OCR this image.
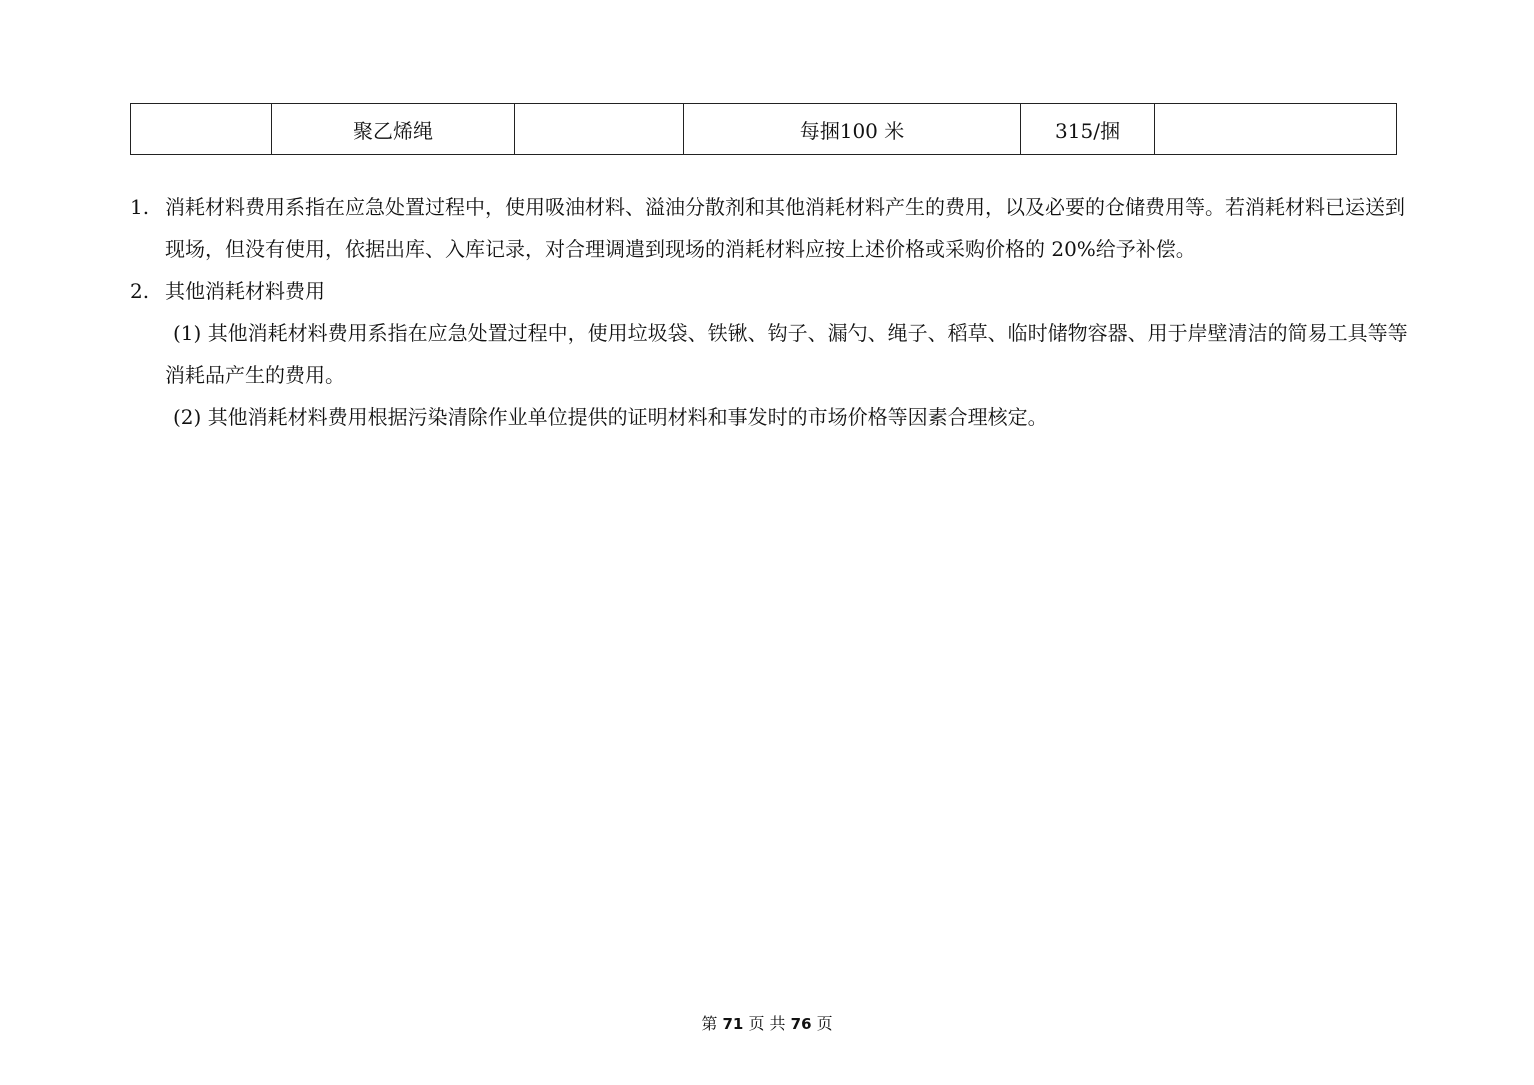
	聚乙烯绳		每捆100 米	315/捆	

1. 消耗材料费用系指在应急处置过程中，使用吸油材料、溢油分散剂和其他消耗材料产生的费用，以及必要的仓储费用等。若消耗材料已运送到现场，但没有使用，依据出库、入库记录，对合理调遣到现场的消耗材料应按上述价格或采购价格的 20%给予补偿。

2. 其他消耗材料费用

(1) 其他消耗材料费用系指在应急处置过程中，使用垃圾袋、铁锹、钩子、漏勺、绳子、稻草、临时储物容器、用于岸壁清洁的简易工具等等消耗品产生的费用。

(2) 其他消耗材料费用根据污染清除作业单位提供的证明材料和事发时的市场价格等因素合理核定。

第 71 页 共 76 页
